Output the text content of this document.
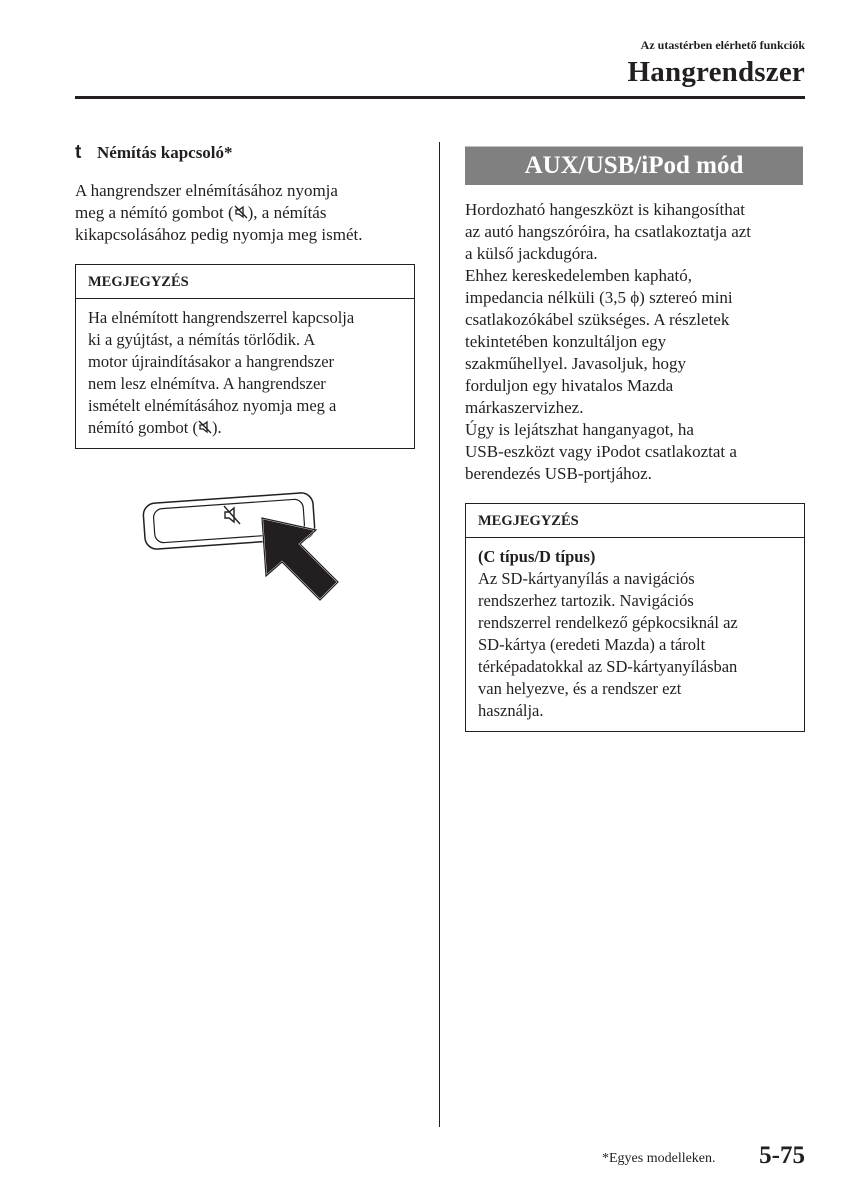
Az utastérben elérhető funkciók
Hangrendszer
t Némítás kapcsoló*

A hangrendszer elnémításához nyomja
meg a némító gombot ( ), a némítás
kikapcsolásához pedig nyomja meg ismét.

MEGJEGYZÉS
Ha elnémított hangrendszerrel kapcsolja
ki a gyújtást, a némítás törlődik. A
motor újraindításakor a hangrendszer
nem lesz elnémítva. A hangrendszer
ismételt elnémításához nyomja meg a
némító gombot ( ).
AUX/USB/iPod mód

Hordozható hangeszközt is kihangosíthat
az autó hangszóróira, ha csatlakoztatja azt
a külső jackdugóra.
Ehhez kereskedelemben kapható,
impedancia nélküli (3,5 ϕ) sztereó mini
csatlakozókábel szükséges. A részletek
tekintetében konzultáljon egy
szakműhellyel. Javasoljuk, hogy
forduljon egy hivatalos Mazda
márkaszervizhez.
Úgy is lejátszhat hanganyagot, ha
USB-eszközt vagy iPodot csatlakoztat a
berendezés USB-portjához.

MEGJEGYZÉS
(C típus/D típus)
Az SD-kártyanyílás a navigációs
rendszerhez tartozik. Navigációs
rendszerrel rendelkező gépkocsiknál az
SD-kártya (eredeti Mazda) a tárolt
térképadatokkal az SD-kártyanyílásban
van helyezve, és a rendszer ezt
használja.
*Egyes modelleken. 5-75
